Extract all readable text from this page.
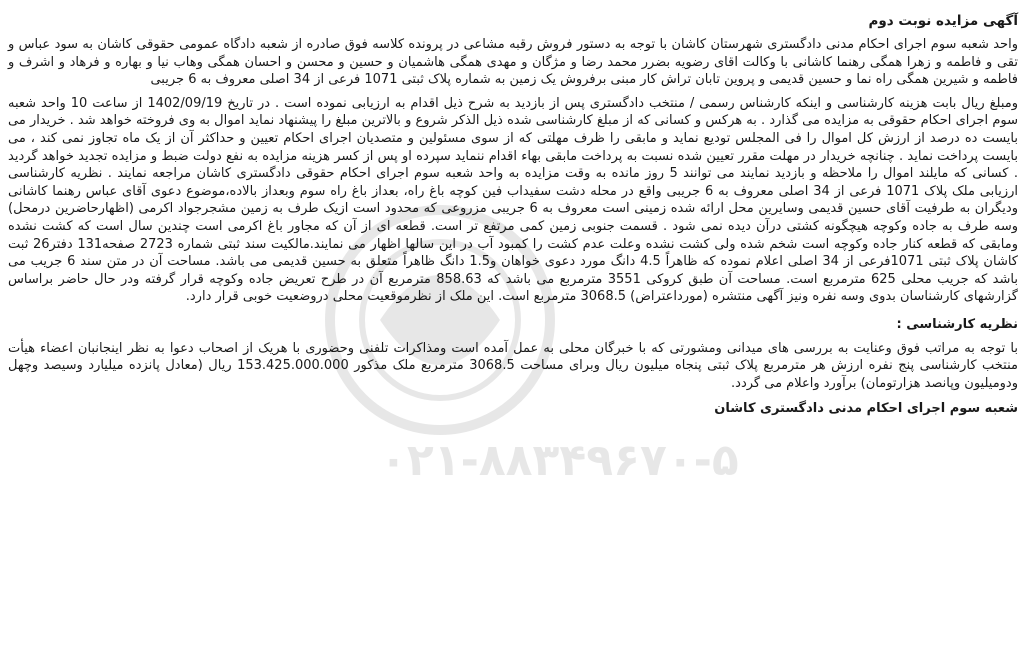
آگهی مزایده نوبت دوم

واحد شعبه سوم اجرای احکام مدنی دادگستری شهرستان کاشان با توجه به دستور فروش رقبه مشاعی در پرونده کلاسه فوق صادره از شعبه دادگاه عمومی حقوقی کاشان به سود عباس و تقی و فاطمه و زهرا همگی رهنما کاشانی با وکالت اقای رضویه بضرر محمد رضا و مژگان و مهدی همگی هاشمیان و حسین و محسن و احسان همگی وهاب نیا و بهاره و فرهاد و اشرف و فاطمه و شیرین همگی راه نما و حسین قدیمی و پروین تابان تراش کار مبنی برفروش یک زمین به شماره پلاک ثبتی 1071 فرعی از 34 اصلی معروف به 6 جریبی

ومبلغ ریال بابت هزینه کارشناسی و اینکه کارشناس رسمی / منتخب دادگستری پس از بازدید به شرح ذیل اقدام به ارزیابی نموده است . در تاریخ 1402/09/19 از ساعت 10 واحد شعبه سوم اجرای احکام حقوقی به مزایده می گذارد . به هرکس و کسانی که از مبلغ کارشناسی شده ذیل الذکر شروع و بالاترین مبلغ را پیشنهاد نماید اموال به وی فروخته خواهد شد . خریدار می بایست ده درصد از ارزش کل اموال را فی المجلس تودیع نماید و مابقی را ظرف مهلتی که از سوی مسئولین و متصدیان اجرای احکام تعیین و حداکثر آن از یک ماه تجاوز نمی کند ، می بایست پرداخت نماید . چنانچه خریدار در مهلت مقرر تعیین شده نسبت به پرداخت مابقی بهاء اقدام ننماید سپرده او پس از کسر هزینه مزایده به نفع دولت ضبط و مزایده تجدید خواهد گردید . کسانی که مایلند اموال را ملاحظه و بازدید نمایند می توانند 5 روز مانده به وقت مزایده به واحد شعبه سوم اجرای احکام حقوقی دادگستری کاشان مراجعه نمایند . نظریه کارشناسی ارزیابی ملک پلاک 1071 فرعی از 34 اصلی معروف به 6 جریبی واقع در محله دشت سفیداب فین کوچه باغ راه، بعداز باغ راه سوم وبعداز بالاده،موضوع دعوی آقای عباس رهنما کاشانی ودیگران به طرفیت آقای حسین قدیمی وسایرین محل ارائه شده زمینی است معروف به 6 جریبی مزروعی که محدود است ازیک طرف به زمین مشجرجواد اکرمی (اظهارحاضرین درمحل) وسه طرف به جاده وکوچه هیچگونه کشتی درآن دیده نمی شود . قسمت جنوبی زمین کمی مرتفع تر است. قطعه ای از آن که مجاور باغ اکرمی است چندین سال است که کشت نشده ومابقی که قطعه کنار جاده وکوچه است شخم شده ولی کشت نشده وعلت عدم کشت را کمبود آب در این سالها اظهار می نمایند.مالکیت سند ثبتی شماره 2723 صفحه131 دفتر26 ثبت کاشان پلاک ثبتی 1071فرعی از 34 اصلی اعلام نموده که ظاهراً 4.5 دانگ مورد دعوی خواهان و1.5 دانگ ظاهراً متعلق به حسین قدیمی می باشد. مساحت آن در متن سند 6 جریب می باشد که جریب محلی 625 مترمربع است. مساحت آن طبق کروکی 3551 مترمربع می باشد که 858.63 مترمربع آن در طرح تعریض جاده وکوچه قرار گرفته ودر حال حاضر براساس گزارشهای کارشناسان بدوی وسه نفره ونیز آگهی منتشره (مورداعتراض) 3068.5 مترمربع است. این ملک از نظرموقعیت محلی دروضعیت خوبی قرار دارد.

نظریه کارشناسی :

با توجه به مراتب فوق وعنایت به بررسی های میدانی ومشورتی که با خبرگان محلی به عمل آمده است ومذاکرات تلفنی وحضوری با هریک از اصحاب دعوا به نظر اینجانبان اعضاء هیأت منتخب کارشناسی پنج نفره ارزش هر مترمربع پلاک ثبتی پنجاه میلیون ریال وبرای مساحت 3068.5 مترمربع ملک مذکور 153.425.000.000 ریال (معادل پانزده میلیارد وسیصد وچهل ودومیلیون وپانصد هزارتومان) برآورد واعلام می گردد.

شعبه سوم اجرای احکام مدنی دادگستری کاشان
۰۲۱-۸۸۳۴۹۶۷۰-۵
